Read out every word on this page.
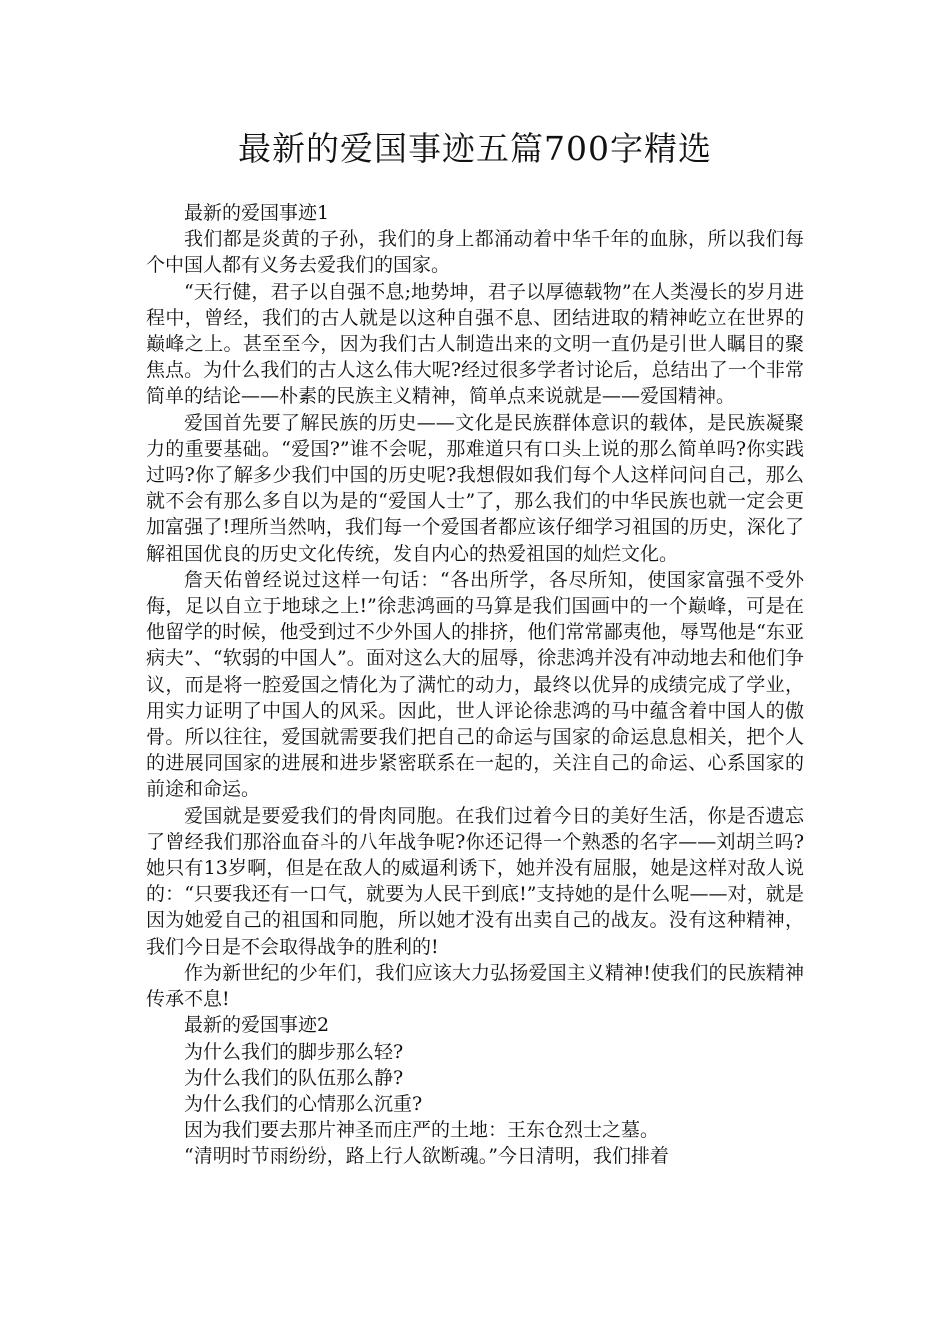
最新的爱国事迹五篇700字精选

最新的爱国事迹1

我们都是炎黄的子孙，我们的身上都涌动着中华千年的血脉，所以我们每个中国人都有义务去爱我们的国家。

“天行健，君子以自强不息;地势坤，君子以厚德载物”在人类漫长的岁月进程中，曾经，我们的古人就是以这种自强不息、团结进取的精神屹立在世界的巅峰之上。甚至至今，因为我们古人制造出来的文明一直仍是引世人瞩目的聚焦点。为什么我们的古人这么伟大呢?经过很多学者讨论后，总结出了一个非常简单的结论——朴素的民族主义精神，简单点来说就是——爱国精神。

爱国首先要了解民族的历史——文化是民族群体意识的载体，是民族凝聚力的重要基础。“爱国?”谁不会呢，那难道只有口头上说的那么简单吗?你实践过吗?你了解多少我们中国的历史呢?我想假如我们每个人这样问问自己，那么就不会有那么多自以为是的“爱国人士”了，那么我们的中华民族也就一定会更加富强了!理所当然呐，我们每一个爱国者都应该仔细学习祖国的历史，深化了解祖国优良的历史文化传统，发自内心的热爱祖国的灿烂文化。

詹天佑曾经说过这样一句话：“各出所学，各尽所知，使国家富强不受外侮，足以自立于地球之上!”徐悲鸿画的马算是我们国画中的一个巅峰，可是在他留学的时候，他受到过不少外国人的排挤，他们常常鄙夷他，辱骂他是“东亚病夫”、“软弱的中国人”。面对这么大的屈辱，徐悲鸿并没有冲动地去和他们争议，而是将一腔爱国之情化为了满忙的动力，最终以优异的成绩完成了学业，用实力证明了中国人的风采。因此，世人评论徐悲鸿的马中蕴含着中国人的傲骨。所以往往，爱国就需要我们把自己的命运与国家的命运息息相关，把个人的进展同国家的进展和进步紧密联系在一起的，关注自己的命运、心系国家的前途和命运。

爱国就是要爱我们的骨肉同胞。在我们过着今日的美好生活，你是否遗忘了曾经我们那浴血奋斗的八年战争呢?你还记得一个熟悉的名字——刘胡兰吗?她只有13岁啊，但是在敌人的威逼利诱下，她并没有屈服，她是这样对敌人说的：“只要我还有一口气，就要为人民干到底!”支持她的是什么呢——对，就是因为她爱自己的祖国和同胞，所以她才没有出卖自己的战友。没有这种精神，我们今日是不会取得战争的胜利的!

作为新世纪的少年们，我们应该大力弘扬爱国主义精神!使我们的民族精神传承不息!

最新的爱国事迹2

为什么我们的脚步那么轻?

为什么我们的队伍那么静?

为什么我们的心情那么沉重?

因为我们要去那片神圣而庄严的土地：王东仓烈士之墓。

“清明时节雨纷纷，路上行人欲断魂。”今日清明，我们排着
